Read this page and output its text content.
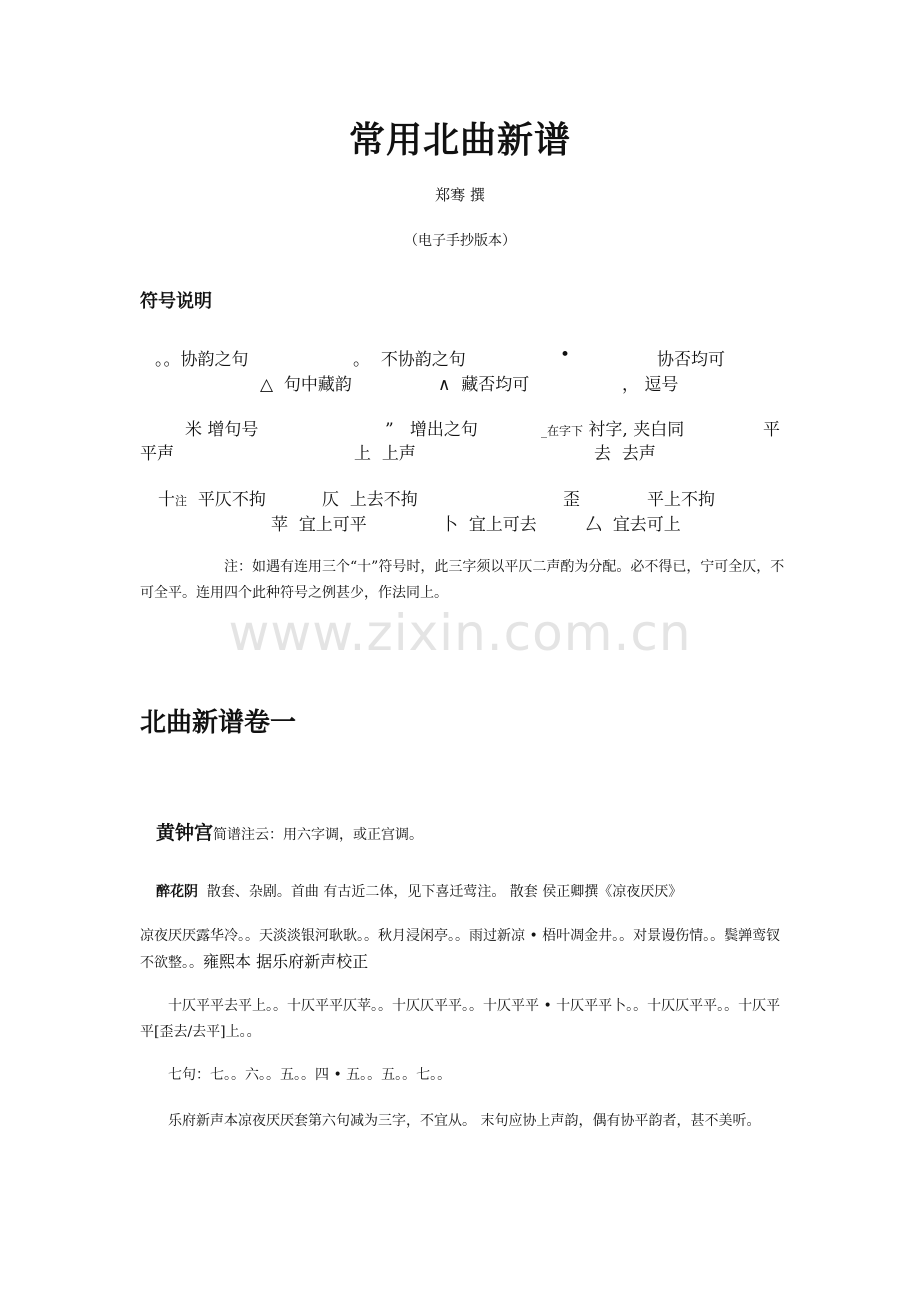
常用北曲新谱
郑骞 撰
（电子手抄版本）
符号说明
。。协韵之句	。 不协韵之句	•	协否均可
△ 句中藏韵	∧ 藏否均可	， 逗号
米 增句号	” 增出之句	_在字下 衬字, 夹白同	平
平声	上 上声	去 去声
十注 平仄不拘	仄 上去不拘	歪	平上不拘
苹 宜上可平	卜 宜上可去	厶 宜去可上
注：如遇有连用三个“十”符号时，此三字须以平仄二声酌为分配。必不得已，宁可全仄，不可全平。连用四个此种符号之例甚少，作法同上。
www.zixin.com.cn
北曲新谱卷一
黄钟宫简谱注云：用六字调，或正宫调。
醉花阴 散套、杂剧。首曲 有古近二体，见下喜迁莺注。 散套 侯正卿撰《凉夜厌厌》
凉夜厌厌露华冷。。天淡淡银河耿耿。。秋月浸闲亭。。雨过新凉 • 梧叶凋金井。。对景谩伤情。。鬓亸鸾钗不欲整。。雍熙本 据乐府新声校正
十仄平平去平上。。十仄平平仄苹。。十仄仄平平。。十仄平平 • 十仄平平卜。。十仄仄平平。。十仄平平[歪去/去平]上。。
七句：七。。六。。五。。四 • 五。。五。。七。。
乐府新声本凉夜厌厌套第六句减为三字，不宜从。 末句应协上声韵，偶有协平韵者，甚不美听。
